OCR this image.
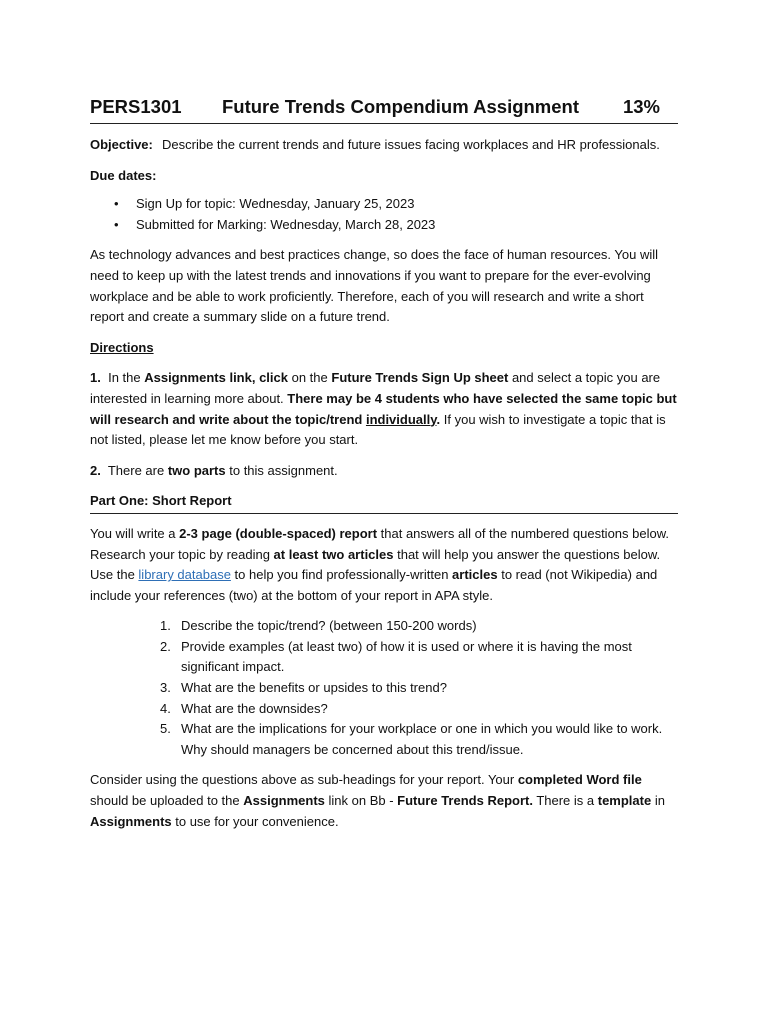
PERS1301 Future Trends Compendium Assignment 13%

Objective: Describe the current trends and future issues facing workplaces and HR professionals.

Due dates:

• Sign Up for topic: Wednesday, January 25, 2023
• Submitted for Marking: Wednesday, March 28, 2023

As technology advances and best practices change, so does the face of human resources. You will need to keep up with the latest trends and innovations if you want to prepare for the ever-evolving workplace and be able to work proficiently. Therefore, each of you will research and write a short report and create a summary slide on a future trend.

Directions

1. In the Assignments link, click on the Future Trends Sign Up sheet and select a topic you are interested in learning more about. There may be 4 students who have selected the same topic but will research and write about the topic/trend individually. If you wish to investigate a topic that is not listed, please let me know before you start.

2. There are two parts to this assignment.

Part One: Short Report

You will write a 2-3 page (double-spaced) report that answers all of the numbered questions below. Research your topic by reading at least two articles that will help you answer the questions below. Use the library database to help you find professionally-written articles to read (not Wikipedia) and include your references (two) at the bottom of your report in APA style.

1. Describe the topic/trend? (between 150-200 words)
2. Provide examples (at least two) of how it is used or where it is having the most significant impact.
3. What are the benefits or upsides to this trend?
4. What are the downsides?
5. What are the implications for your workplace or one in which you would like to work. Why should managers be concerned about this trend/issue.

Consider using the questions above as sub-headings for your report. Your completed Word file should be uploaded to the Assignments link on Bb - Future Trends Report. There is a template in Assignments to use for your convenience.
